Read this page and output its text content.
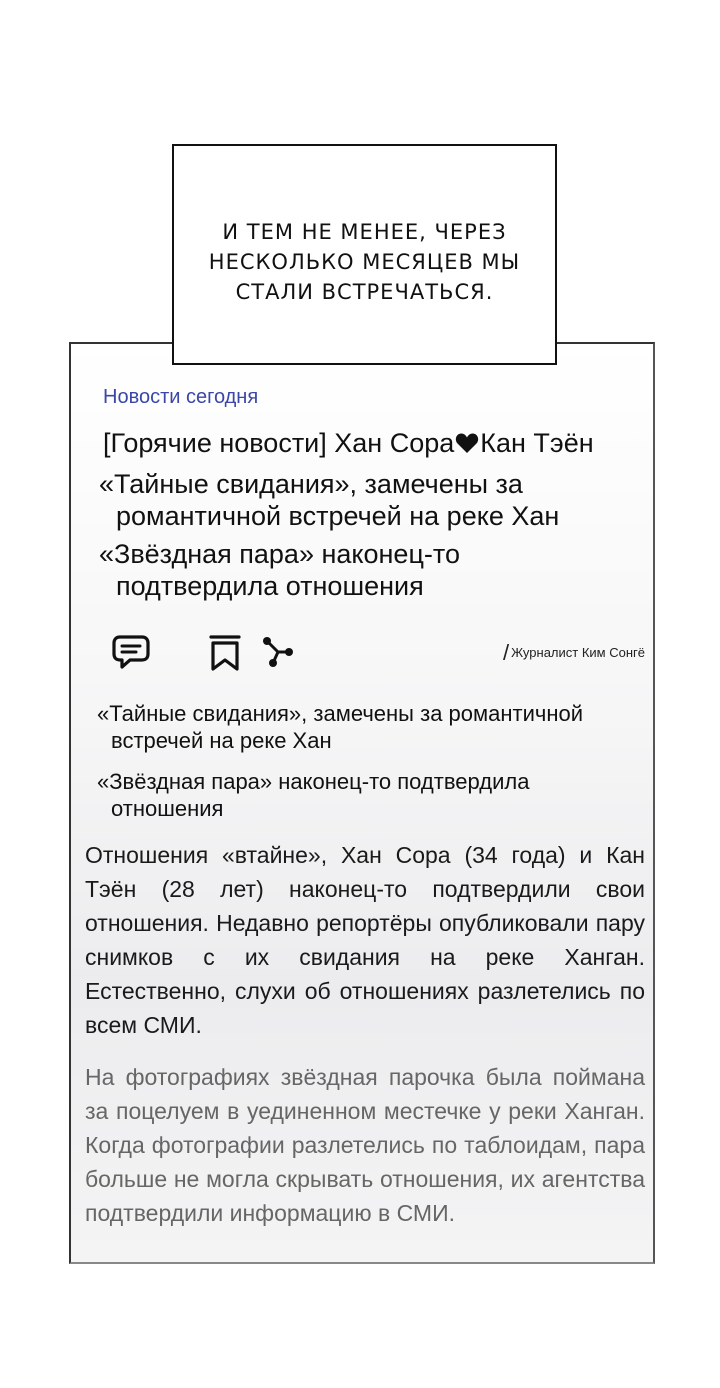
И ТЕМ НЕ МЕНЕЕ, ЧЕРЕЗ
НЕСКОЛЬКО МЕСЯЦЕВ МЫ
СТАЛИ ВСТРЕЧАТЬСЯ.
Новости сегодня
[Горячие новости] Хан Сора Кан Тэён
«Тайные свидания», замечены за
романтичной встречей на реке Хан
«Звёздная пара» наконец-то
подтвердила отношения
/ Журналист Ким Сонгё
«Тайные свидания», замечены за романтичной
встречей на реке Хан
«Звёздная пара» наконец-то подтвердила
отношения
Отношения «втайне», Хан Сора (34 года) и Кан Тэён (28 лет) наконец-то подтвердили свои отношения. Недавно репортёры опубликовали пару снимков с их свидания на реке Ханган. Естественно, слухи об отношениях разлетелись по всем СМИ.
На фотографиях звёздная парочка была поймана за поцелуем в уединенном местечке у реки Ханган. Когда фотографии разлетелись по таблоидам, пара больше не могла скрывать отношения, их агентства подтвердили информацию в СМИ.
